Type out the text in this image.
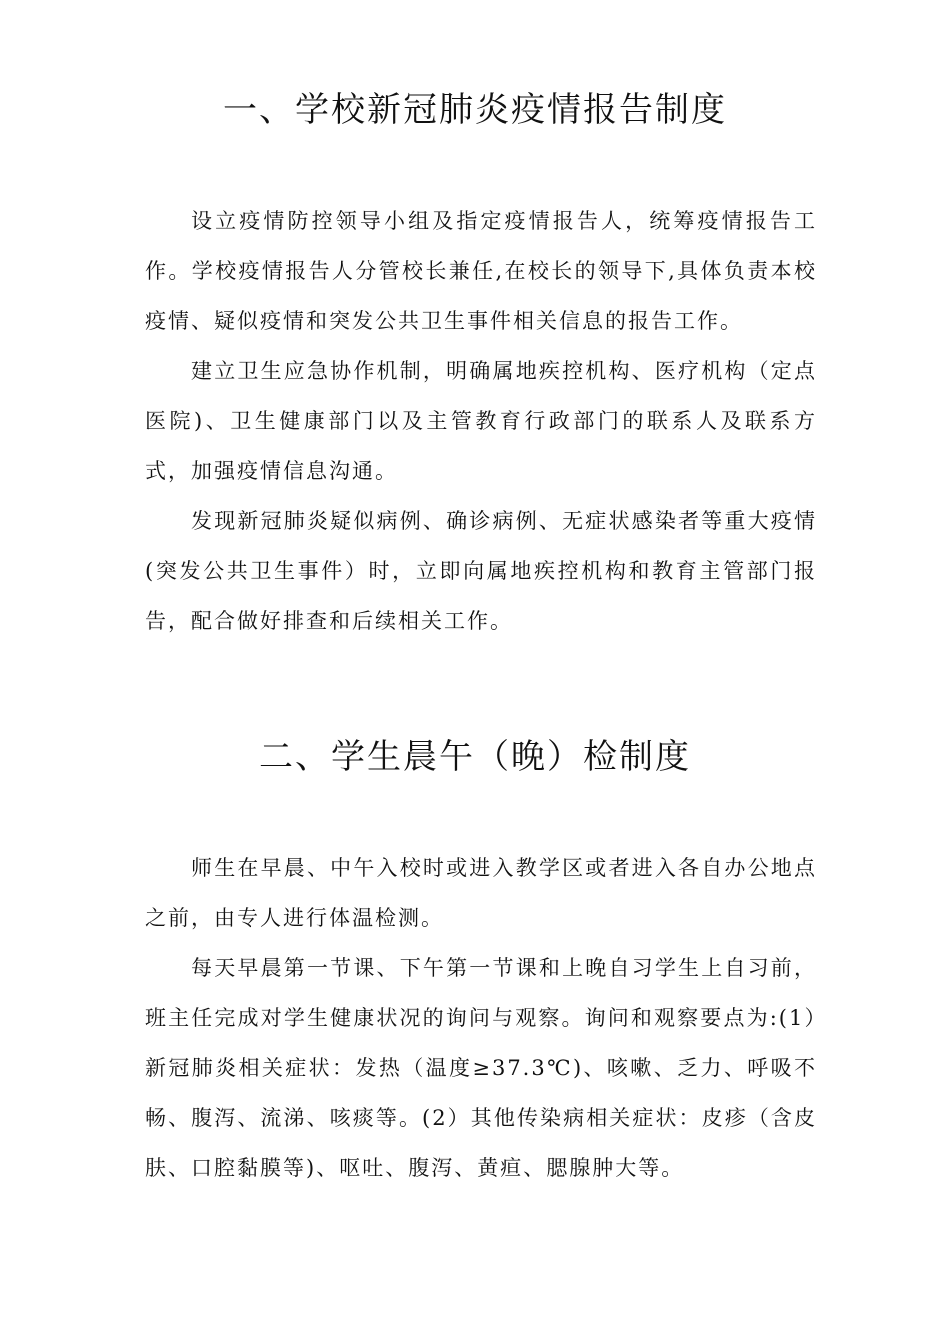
一、学校新冠肺炎疫情报告制度

设立疫情防控领导小组及指定疫情报告人，统筹疫情报告工作。学校疫情报告人分管校长兼任,在校长的领导下,具体负责本校疫情、疑似疫情和突发公共卫生事件相关信息的报告工作。

建立卫生应急协作机制，明确属地疾控机构、医疗机构（定点医院)、卫生健康部门以及主管教育行政部门的联系人及联系方式，加强疫情信息沟通。

发现新冠肺炎疑似病例、确诊病例、无症状感染者等重大疫情(突发公共卫生事件）时，立即向属地疾控机构和教育主管部门报告，配合做好排查和后续相关工作。

二、学生晨午（晚）检制度

师生在早晨、中午入校时或进入教学区或者进入各自办公地点之前，由专人进行体温检测。

每天早晨第一节课、下午第一节课和上晚自习学生上自习前，班主任完成对学生健康状况的询问与观察。询问和观察要点为:(1）新冠肺炎相关症状：发热（温度≥37.3℃)、咳嗽、乏力、呼吸不畅、腹泻、流涕、咳痰等。(2）其他传染病相关症状：皮疹（含皮肤、口腔黏膜等)、呕吐、腹泻、黄疸、腮腺肿大等。
